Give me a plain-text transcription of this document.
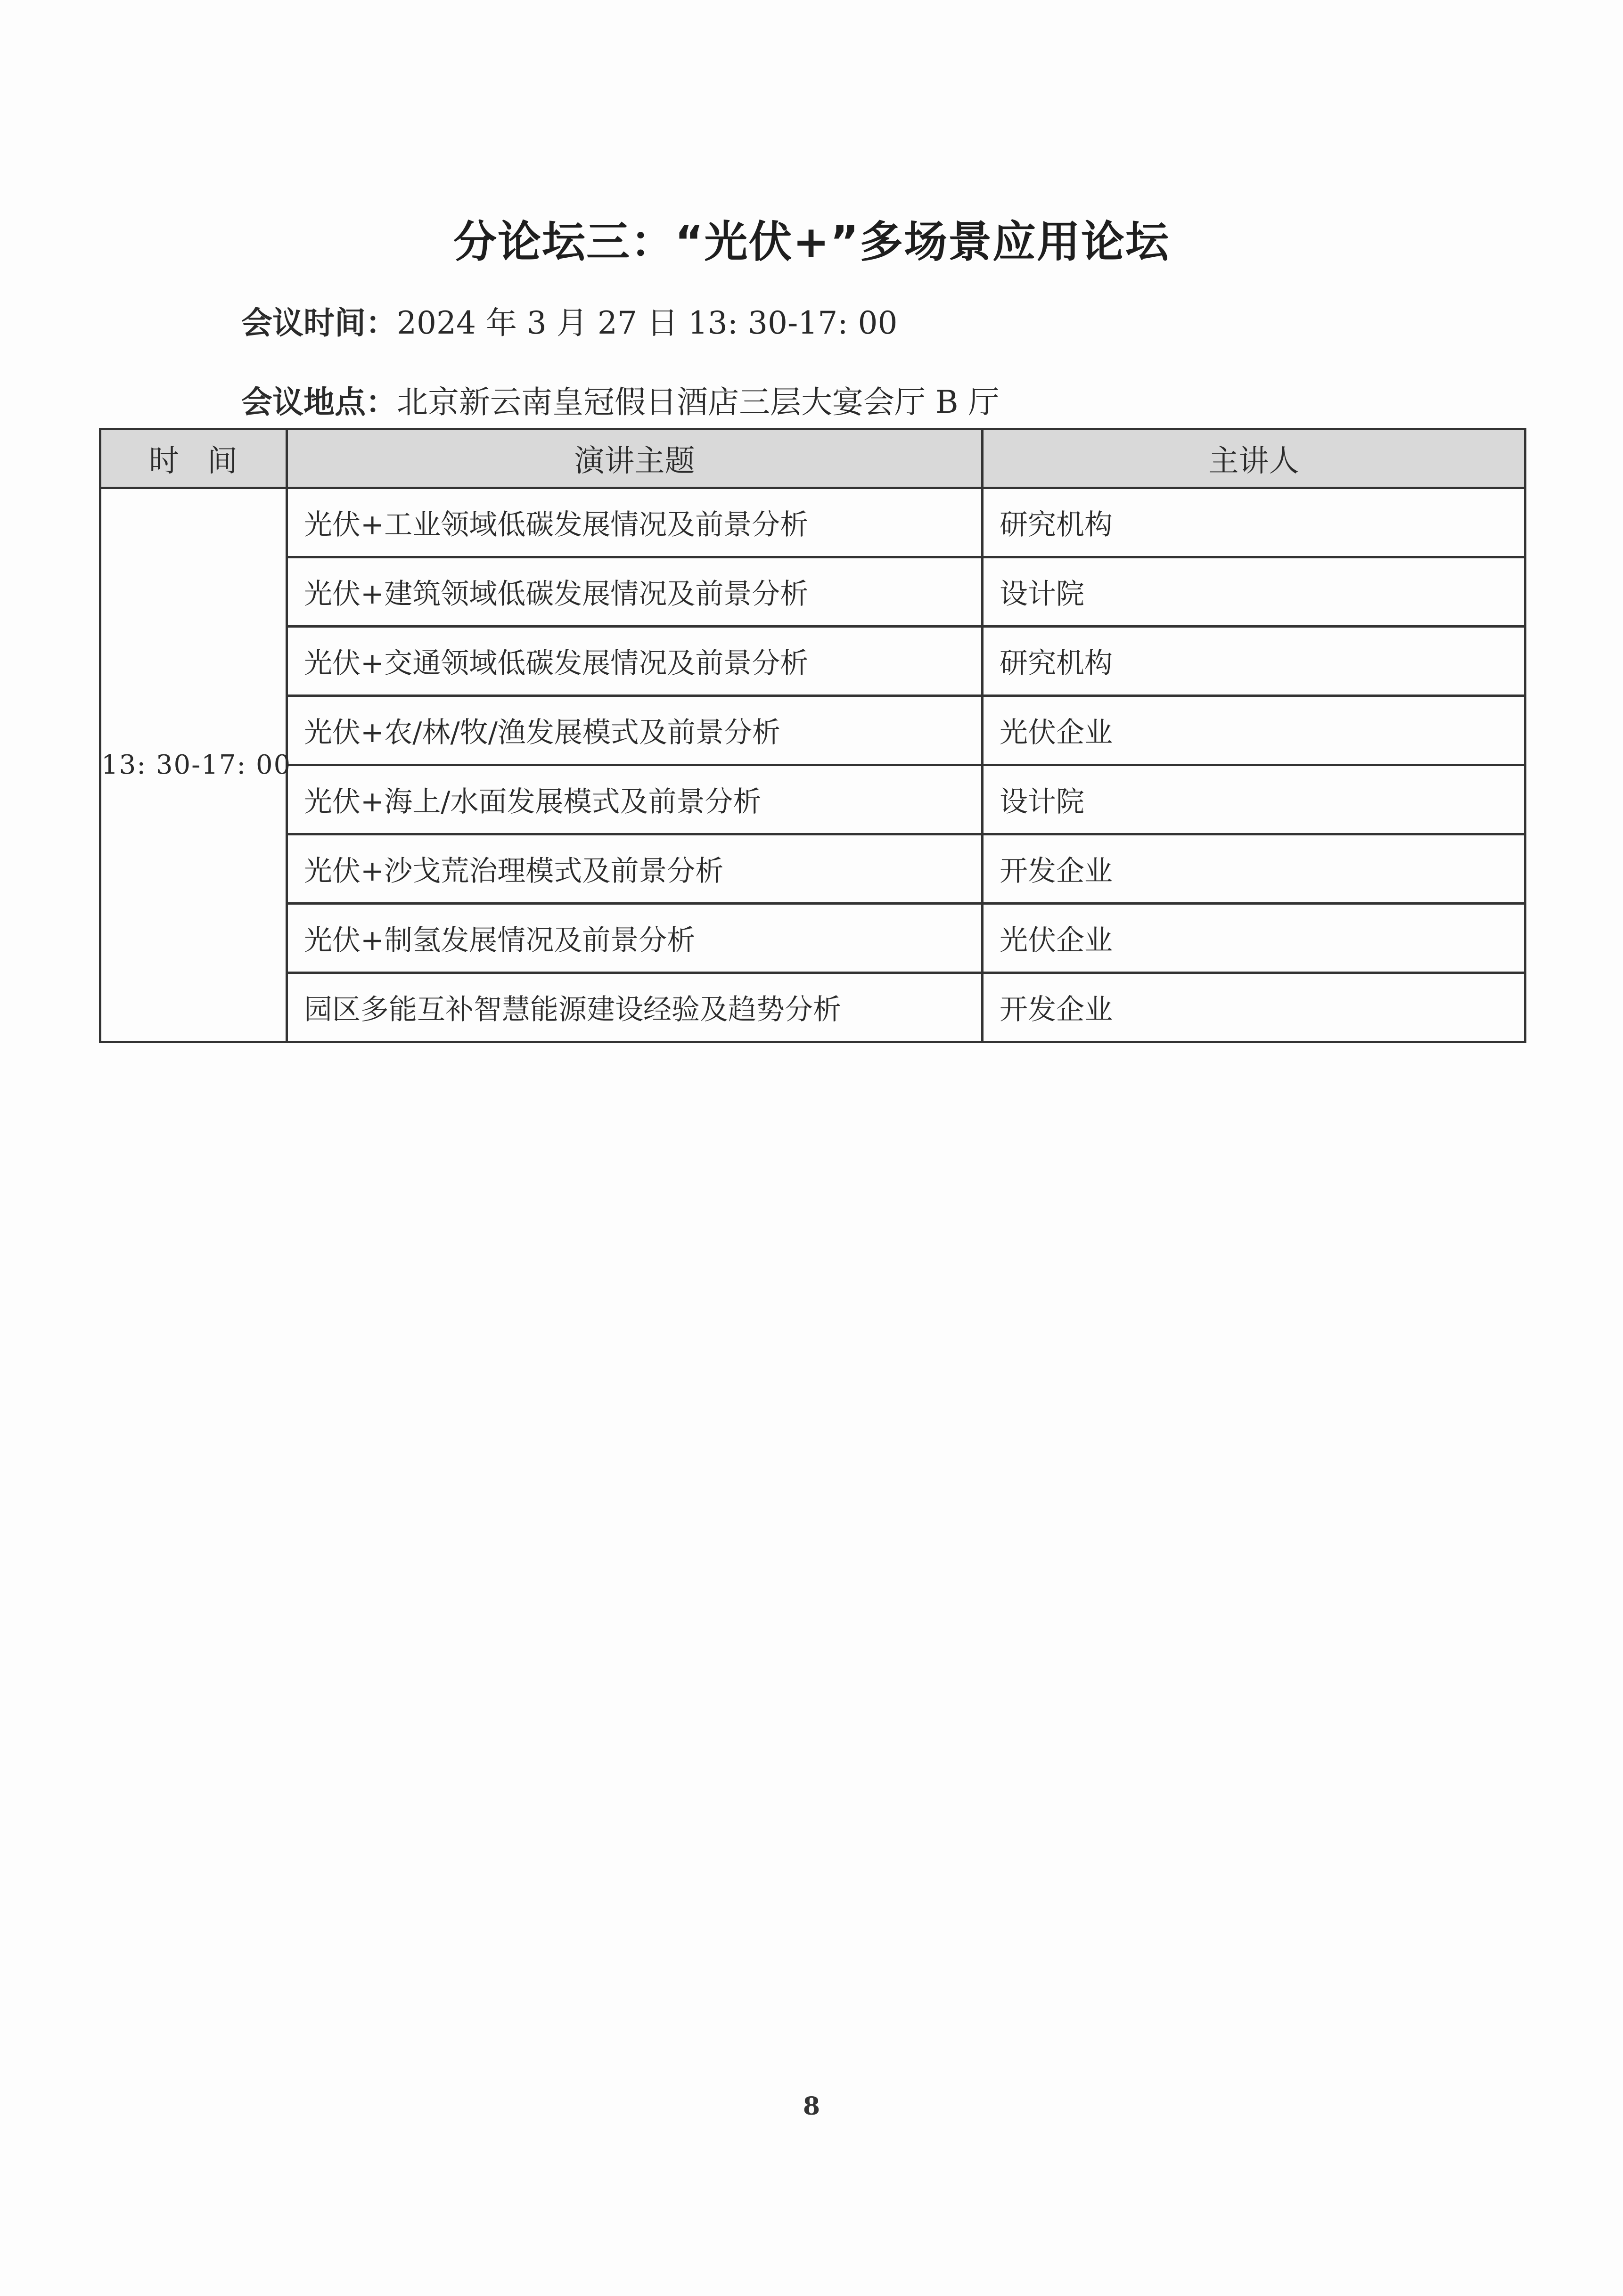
分论坛三：“光伏+”多场景应用论坛
会议时间：2024 年 3 月 27 日 13: 30-17: 00
会议地点：北京新云南皇冠假日酒店三层大宴会厅 B 厅
时间	演讲主题	主讲人
13: 30-17: 00	光伏+工业领域低碳发展情况及前景分析	研究机构
	光伏+建筑领域低碳发展情况及前景分析	设计院
	光伏+交通领域低碳发展情况及前景分析	研究机构
	光伏+农/林/牧/渔发展模式及前景分析	光伏企业
	光伏+海上/水面发展模式及前景分析	设计院
	光伏+沙戈荒治理模式及前景分析	开发企业
	光伏+制氢发展情况及前景分析	光伏企业
	园区多能互补智慧能源建设经验及趋势分析	开发企业
8
